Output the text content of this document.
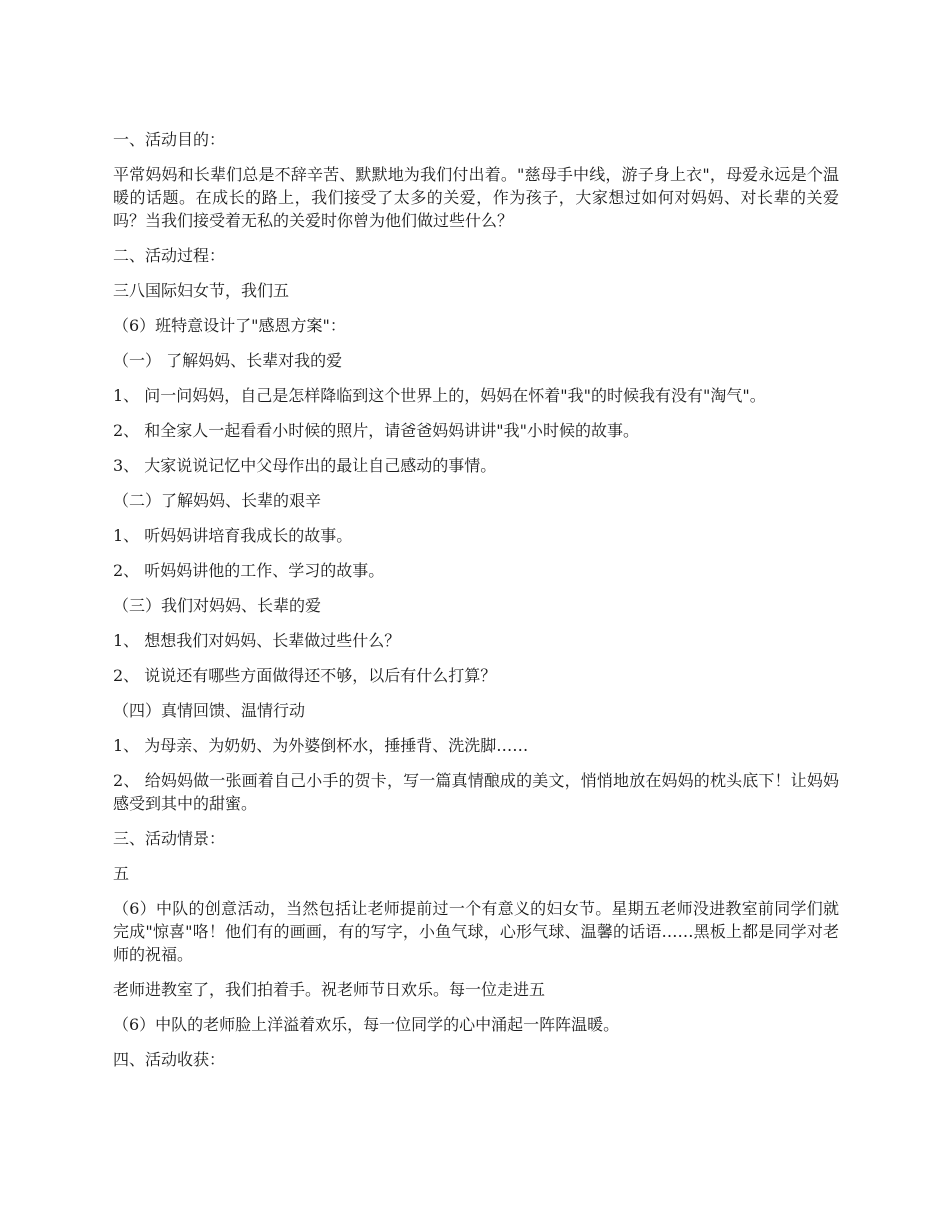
一、活动目的：

平常妈妈和长辈们总是不辞辛苦、默默地为我们付出着。"慈母手中线，游子身上衣"，母爱永远是个温暖的话题。在成长的路上，我们接受了太多的关爱，作为孩子，大家想过如何对妈妈、对长辈的关爱吗？当我们接受着无私的关爱时你曾为他们做过些什么？

二、活动过程：

三八国际妇女节，我们五

（6）班特意设计了"感恩方案"：

（一） 了解妈妈、长辈对我的爱

1、 问一问妈妈，自己是怎样降临到这个世界上的，妈妈在怀着"我"的时候我有没有"淘气"。

2、 和全家人一起看看小时候的照片，请爸爸妈妈讲讲"我"小时候的故事。

3、 大家说说记忆中父母作出的最让自己感动的事情。

（二）了解妈妈、长辈的艰辛

1、 听妈妈讲培育我成长的故事。

2、 听妈妈讲他的工作、学习的故事。

（三）我们对妈妈、长辈的爱

1、 想想我们对妈妈、长辈做过些什么？

2、 说说还有哪些方面做得还不够，以后有什么打算？

（四）真情回馈、温情行动

1、 为母亲、为奶奶、为外婆倒杯水，捶捶背、洗洗脚……

2、 给妈妈做一张画着自己小手的贺卡，写一篇真情酿成的美文，悄悄地放在妈妈的枕头底下！让妈妈感受到其中的甜蜜。

三、活动情景：

五

（6）中队的创意活动，当然包括让老师提前过一个有意义的妇女节。星期五老师没进教室前同学们就完成"惊喜"咯！他们有的画画，有的写字，小鱼气球，心形气球、温馨的话语……黑板上都是同学对老师的祝福。

老师进教室了，我们拍着手。祝老师节日欢乐。每一位走进五

（6）中队的老师脸上洋溢着欢乐，每一位同学的心中涌起一阵阵温暖。

四、活动收获：
